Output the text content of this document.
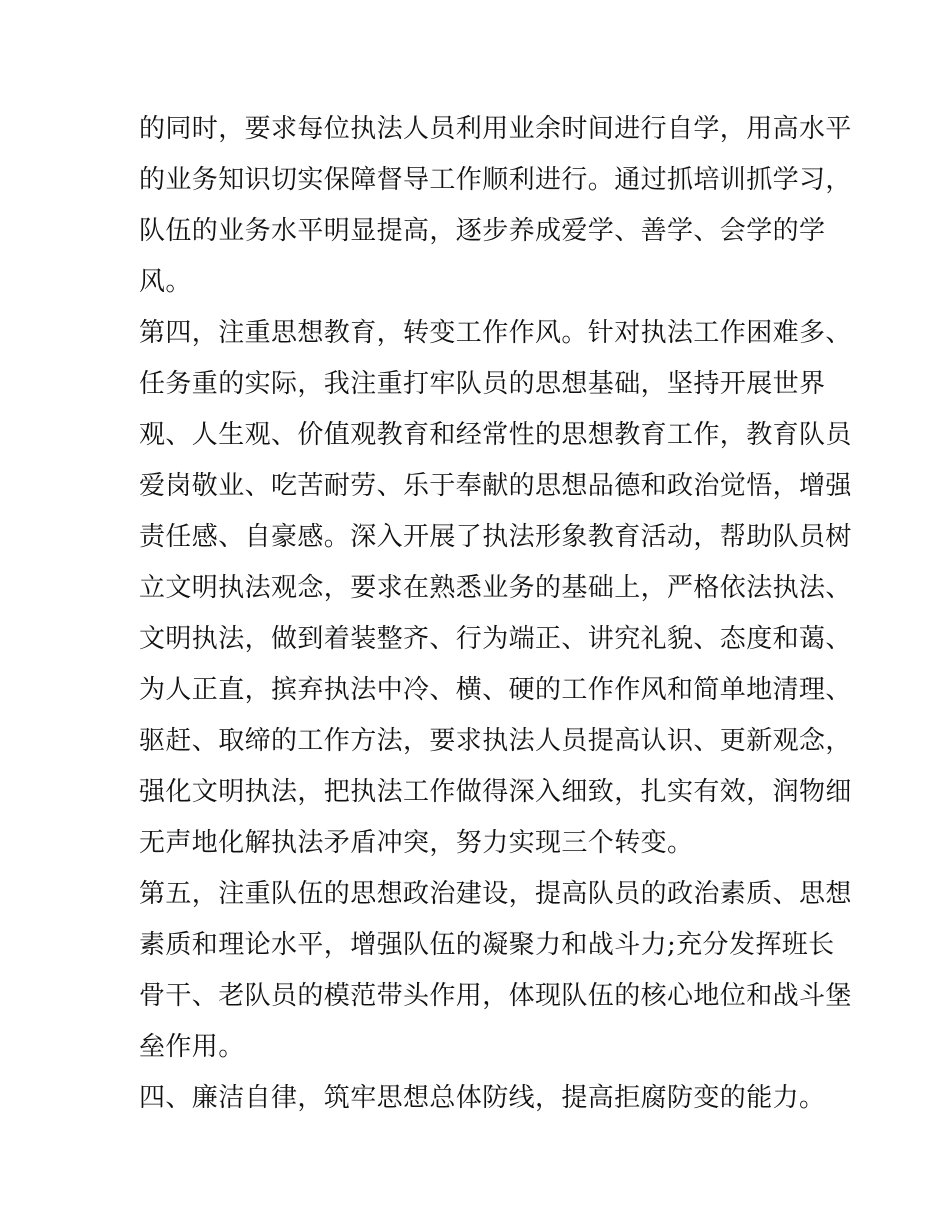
的同时，要求每位执法人员利用业余时间进行自学，用高水平
的业务知识切实保障督导工作顺利进行。通过抓培训抓学习，
队伍的业务水平明显提高，逐步养成爱学、善学、会学的学
风。
第四，注重思想教育，转变工作作风。针对执法工作困难多、
任务重的实际，我注重打牢队员的思想基础，坚持开展世界
观、人生观、价值观教育和经常性的思想教育工作，教育队员
爱岗敬业、吃苦耐劳、乐于奉献的思想品德和政治觉悟，增强
责任感、自豪感。深入开展了执法形象教育活动，帮助队员树
立文明执法观念，要求在熟悉业务的基础上，严格依法执法、
文明执法，做到着装整齐、行为端正、讲究礼貌、态度和蔼、
为人正直，摈弃执法中冷、横、硬的工作作风和简单地清理、
驱赶、取缔的工作方法，要求执法人员提高认识、更新观念，
强化文明执法，把执法工作做得深入细致，扎实有效，润物细
无声地化解执法矛盾冲突，努力实现三个转变。
第五，注重队伍的思想政治建设，提高队员的政治素质、思想
素质和理论水平，增强队伍的凝聚力和战斗力;充分发挥班长
骨干、老队员的模范带头作用，体现队伍的核心地位和战斗堡
垒作用。
四、廉洁自律，筑牢思想总体防线，提高拒腐防变的能力。
